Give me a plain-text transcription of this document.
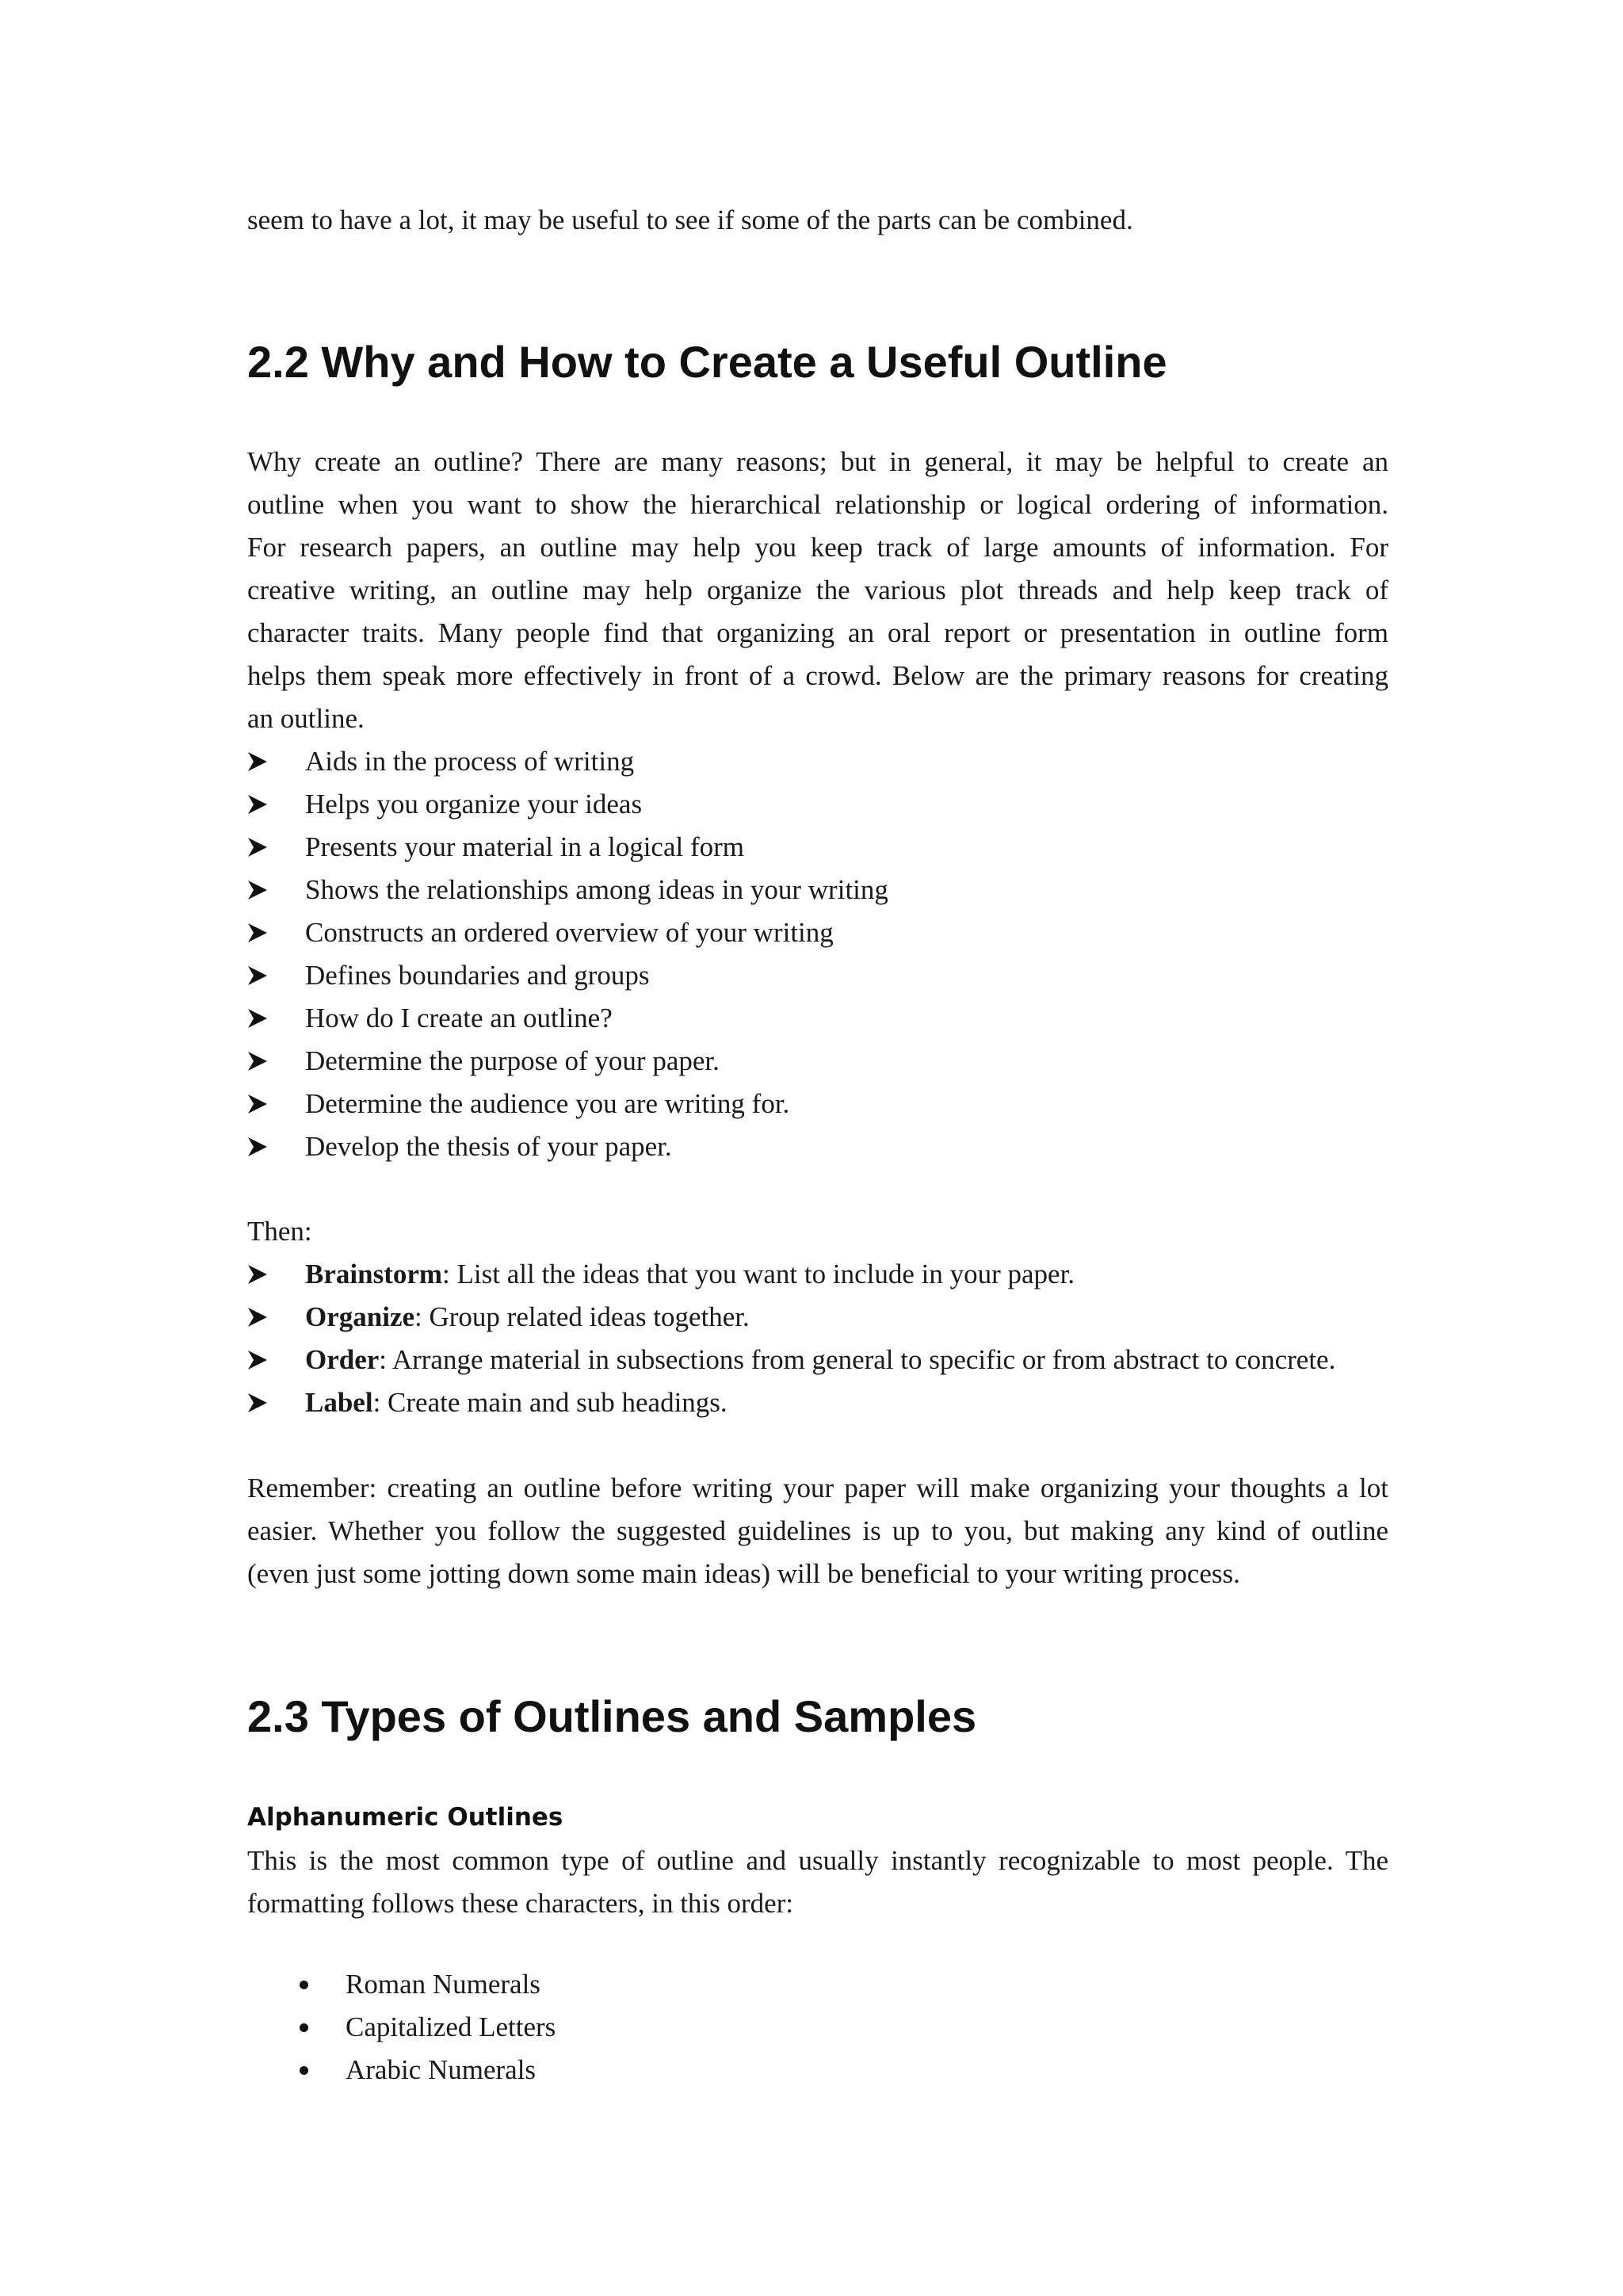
seem to have a lot, it may be useful to see if some of the parts can be combined.
2.2 Why and How to Create a Useful Outline
Why create an outline? There are many reasons; but in general, it may be helpful to create an
outline when you want to show the hierarchical relationship or logical ordering of information.
For research papers, an outline may help you keep track of large amounts of information. For
creative writing, an outline may help organize the various plot threads and help keep track of
character traits. Many people find that organizing an oral report or presentation in outline form
helps them speak more effectively in front of a crowd. Below are the primary reasons for creating
an outline.
Aids in the process of writing
Helps you organize your ideas
Presents your material in a logical form
Shows the relationships among ideas in your writing
Constructs an ordered overview of your writing
Defines boundaries and groups
How do I create an outline?
Determine the purpose of your paper.
Determine the audience you are writing for.
Develop the thesis of your paper.
Then:
Brainstorm: List all the ideas that you want to include in your paper.
Organize: Group related ideas together.
Order: Arrange material in subsections from general to specific or from abstract to concrete.
Label: Create main and sub headings.
Remember: creating an outline before writing your paper will make organizing your thoughts a lot
easier. Whether you follow the suggested guidelines is up to you, but making any kind of outline
(even just some jotting down some main ideas) will be beneficial to your writing process.
2.3 Types of Outlines and Samples
Alphanumeric Outlines
This is the most common type of outline and usually instantly recognizable to most people. The
formatting follows these characters, in this order:
Roman Numerals
Capitalized Letters
Arabic Numerals
